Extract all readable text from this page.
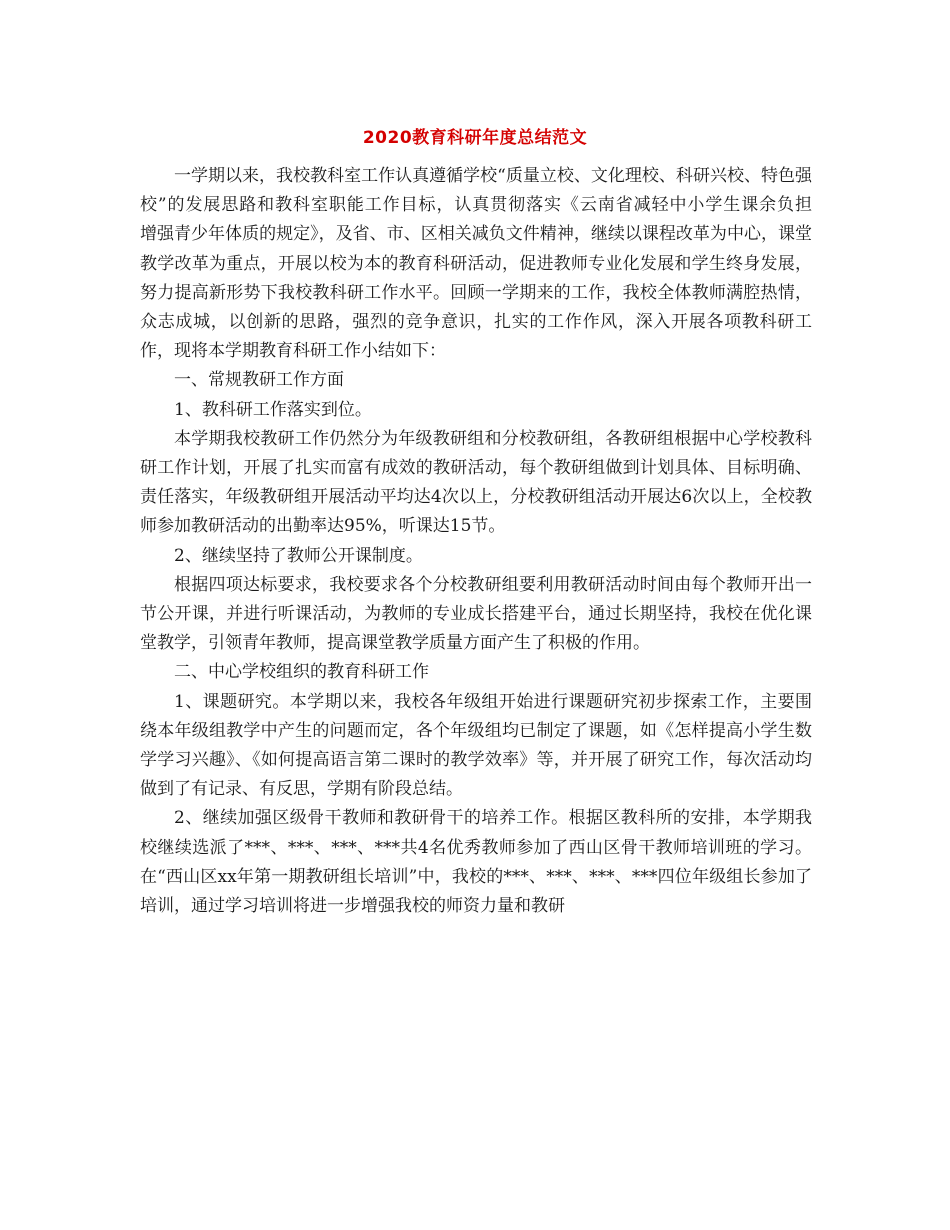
2020教育科研年度总结范文

一学期以来，我校教科室工作认真遵循学校“质量立校、文化理校、科研兴校、特色强校”的发展思路和教科室职能工作目标，认真贯彻落实《云南省减轻中小学生课余负担　　增强青少年体质的规定》，及省、市、区相关减负文件精神，继续以课程改革为中心，课堂教学改革为重点，开展以校为本的教育科研活动，促进教师专业化发展和学生终身发展，努力提高新形势下我校教科研工作水平。回顾一学期来的工作，我校全体教师满腔热情，众志成城，以创新的思路，强烈的竞争意识，扎实的工作作风，深入开展各项教科研工作，现将本学期教育科研工作小结如下：

一、常规教研工作方面

1、教科研工作落实到位。

本学期我校教研工作仍然分为年级教研组和分校教研组，各教研组根据中心学校教科研工作计划，开展了扎实而富有成效的教研活动，每个教研组做到计划具体、目标明确、责任落实，年级教研组开展活动平均达4次以上，分校教研组活动开展达6次以上，全校教师参加教研活动的出勤率达95%，听课达15节。

2、继续坚持了教师公开课制度。

根据四项达标要求，我校要求各个分校教研组要利用教研活动时间由每个教师开出一节公开课，并进行听课活动，为教师的专业成长搭建平台，通过长期坚持，我校在优化课堂教学，引领青年教师，提高课堂教学质量方面产生了积极的作用。

二、中心学校组织的教育科研工作

1、课题研究。本学期以来，我校各年级组开始进行课题研究初步探索工作，主要围绕本年级组教学中产生的问题而定，各个年级组均已制定了课题，如《怎样提高小学生数学学习兴趣》、《如何提高语言第二课时的教学效率》等，并开展了研究工作，每次活动均做到了有记录、有反思，学期有阶段总结。

2、继续加强区级骨干教师和教研骨干的培养工作。根据区教科所的安排，本学期我校继续选派了***、***、***、***共4名优秀教师参加了西山区骨干教师培训班的学习。在“西山区xx年第一期教研组长培训”中，我校的***、***、***、***四位年级组长参加了培训，通过学习培训将进一步增强我校的师资力量和教研
